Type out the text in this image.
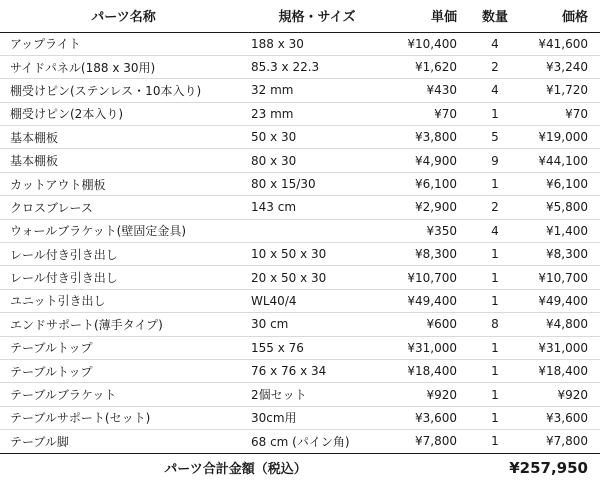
パーツ名称	規格・サイズ	単価	数量	価格
アップライト	188 x 30	¥10,400	4	¥41,600
サイドパネル(188 x 30用)	85.3 x 22.3	¥1,620	2	¥3,240
棚受けピン(ステンレス・10本入り)	32 mm	¥430	4	¥1,720
棚受けピン(2本入り)	23 mm	¥70	1	¥70
基本棚板	50 x 30	¥3,800	5	¥19,000
基本棚板	80 x 30	¥4,900	9	¥44,100
カットアウト棚板	80 x 15/30	¥6,100	1	¥6,100
クロスブレース	143 cm	¥2,900	2	¥5,800
ウォールブラケット(壁固定金具)		¥350	4	¥1,400
レール付き引き出し	10 x 50 x 30	¥8,300	1	¥8,300
レール付き引き出し	20 x 50 x 30	¥10,700	1	¥10,700
ユニット引き出し	WL40/4	¥49,400	1	¥49,400
エンドサポート(薄手タイプ)	30 cm	¥600	8	¥4,800
テーブルトップ	155 x 76	¥31,000	1	¥31,000
テーブルトップ	76 x 76 x 34	¥18,400	1	¥18,400
テーブルブラケット	2個セット	¥920	1	¥920
テーブルサポート(セット)	30cm用	¥3,600	1	¥3,600
テーブル脚	68 cm (パイン角)	¥7,800	1	¥7,800
パーツ合計金額（税込）			¥257,950	
